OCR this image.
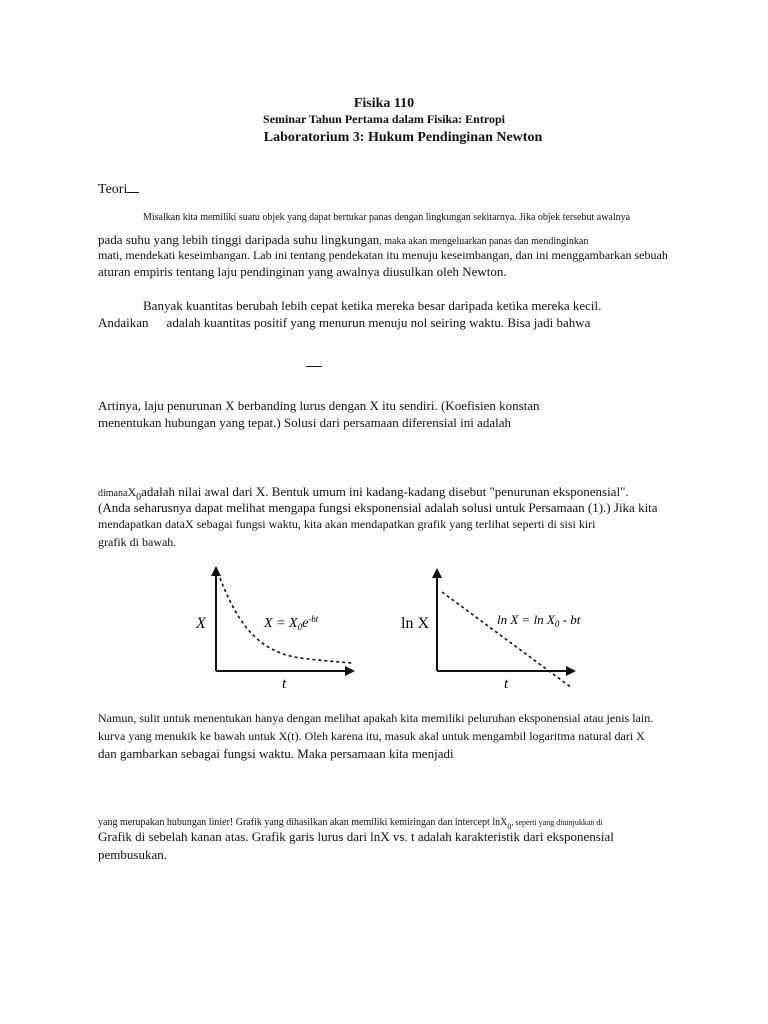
Fisika 110
Seminar Tahun Pertama dalam Fisika: Entropi
Laboratorium 3: Hukum Pendinginan Newton
Teori
Misalkan kita memiliki suatu objek yang dapat bertukar panas dengan lingkungan sekitarnya. Jika objek tersebut awalnya
pada suhu yang lebih tinggi daripada suhu lingkungan, maka akan mengeluarkan panas dan mendinginkan
mati, mendekati keseimbangan. Lab ini tentang pendekatan itu menuju keseimbangan, dan ini menggambarkan sebuah
aturan empiris tentang laju pendinginan yang awalnya diusulkan oleh Newton.
Banyak kuantitas berubah lebih cepat ketika mereka besar daripada ketika mereka kecil.
Andaikan adalah kuantitas positif yang menurun menuju nol seiring waktu. Bisa jadi bahwa
Artinya, laju penurunan X berbanding lurus dengan X itu sendiri. (Koefisien konstan
menentukan hubungan yang tepat.) Solusi dari persamaan diferensial ini adalah
dimanaX$_0$adalah nilai awal dari X. Bentuk umum ini kadang-kadang disebut "penurunan eksponensial".
(Anda seharusnya dapat melihat mengapa fungsi eksponensial adalah solusi untuk Persamaan (1).) Jika kita
mendapatkan dataX sebagai fungsi waktu, kita akan mendapatkan grafik yang terlihat seperti di sisi kiri
grafik di bawah.
X
t
$X = X_0e^{-bt}$	ln X
t
$\ln X = \ln X_0$ - bt
Namun, sulit untuk menentukan hanya dengan melihat apakah kita memiliki peluruhan eksponensial atau jenis lain.
kurva yang menukik ke bawah untuk X(t). Oleh karena itu, masuk akal untuk mengambil logaritma natural dari X
dan gambarkan sebagai fungsi waktu. Maka persamaan kita menjadi
yang merupakan hubungan linier! Grafik yang dihasilkan akan memiliki kemiringan dan intercept lnX$_0$, seperti yang ditunjukkan di
Grafik di sebelah kanan atas. Grafik garis lurus dari lnX vs. t adalah karakteristik dari eksponensial
pembusukan.
